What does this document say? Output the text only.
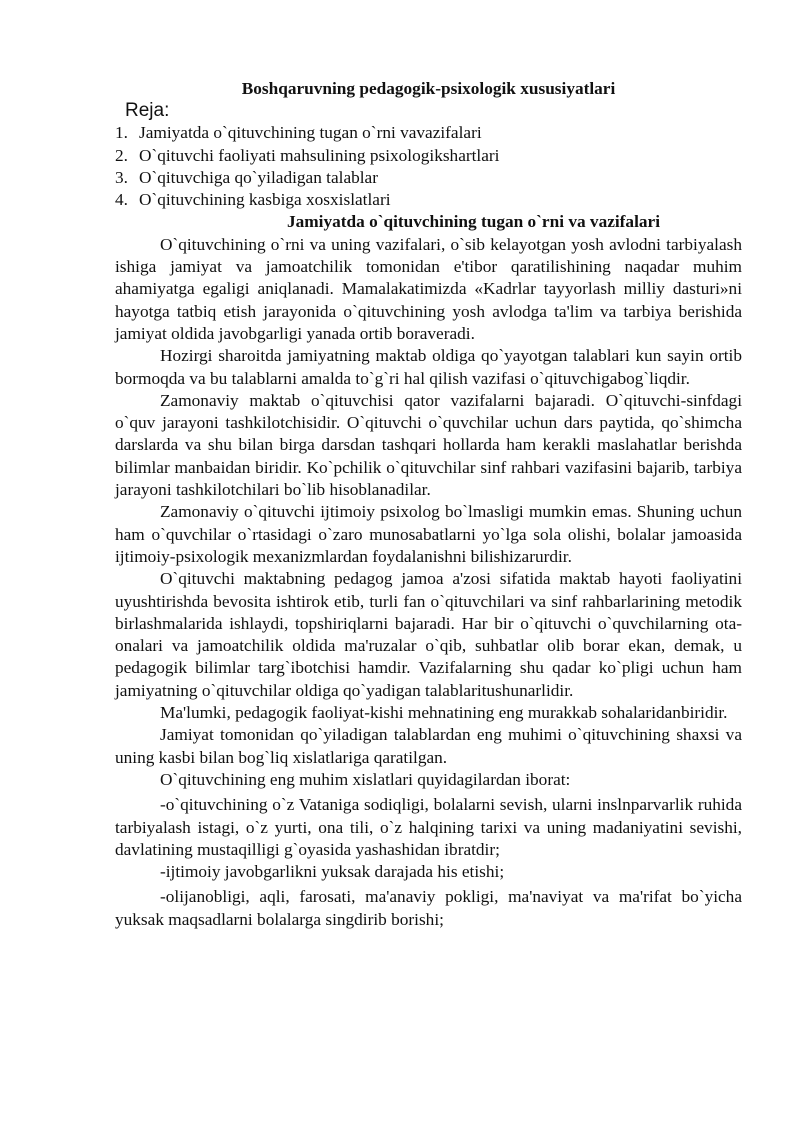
Boshqaruvning pedagogik-psixologik xususiyatlari
Reja:
1. Jamiyatda o`qituvchining tugan o`rni vavazifalari
2. O`qituvchi faoliyati mahsulining psixologikshartlari
3. O`qituvchiga qo`yiladigan talablar
4. O`qituvchining kasbiga xosxislatlari
Jamiyatda o`qituvchining tugan o`rni va vazifalari

O`qituvchining o`rni va uning vazifalari, o`sib kelayotgan yosh avlodni tarbiyalash ishiga jamiyat va jamoatchilik tomonidan e'tibor qaratilishining naqadar muhim ahamiyatga egaligi aniqlanadi. Mamalakatimizda «Kadrlar tayyorlash milliy dasturi»ni hayotga tatbiq etish jarayonida o`qituvchining yosh avlodga ta'lim va tarbiya berishida jamiyat oldida javobgarligi yanada ortib boraveradi.

Hozirgi sharoitda jamiyatning maktab oldiga qo`yayotgan talablari kun sayin ortib bormoqda va bu talablarni amalda to`g`ri hal qilish vazifasi o`qituvchigabog`liqdir.

Zamonaviy maktab o`qituvchisi qator vazifalarni bajaradi. O`qituvchi-sinfdagi o`quv jarayoni tashkilotchisidir. O`qituvchi o`quvchilar uchun dars paytida, qo`shimcha darslarda va shu bilan birga darsdan tashqari hollarda ham kerakli maslahatlar berishda bilimlar manbaidan biridir. Ko`pchilik o`qituvchilar sinf rahbari vazifasini bajarib, tarbiya jarayoni tashkilotchilari bo`lib hisoblanadilar.

Zamonaviy o`qituvchi ijtimoiy psixolog bo`lmasligi mumkin emas. Shuning uchun ham o`quvchilar o`rtasidagi o`zaro munosabatlarni yo`lga sola olishi, bolalar jamoasida ijtimoiy-psixologik mexanizmlardan foydalanishni bilishizarurdir.

O`qituvchi maktabning pedagog jamoa a'zosi sifatida maktab hayoti faoliyatini uyushtirishda bevosita ishtirok etib, turli fan o`qituvchilari va sinf rahbarlarining metodik birlashmalarida ishlaydi, topshiriqlarni bajaradi. Har bir o`qituvchi o`quvchilarning ota-onalari va jamoatchilik oldida ma'ruzalar o`qib, suhbatlar olib borar ekan, demak, u pedagogik bilimlar targ`ibotchisi hamdir. Vazifalarning shu qadar ko`pligi uchun ham jamiyatning o`qituvchilar oldiga qo`yadigan talablaritushunarlidir.

Ma'lumki, pedagogik faoliyat-kishi mehnatining eng murakkab sohalaridanbiridir.

Jamiyat tomonidan qo`yiladigan talablardan eng muhimi o`qituvchining shaxsi va uning kasbi bilan bog`liq xislatlariga qaratilgan.

O`qituvchining eng muhim xislatlari quyidagilardan iborat:

-o`qituvchining o`z Vataniga sodiqligi, bolalarni sevish, ularni inslnparvarlik ruhida tarbiyalash istagi, o`z yurti, ona tili, o`z halqining tarixi va uning madaniyatini sevishi, davlatining mustaqilligi g`oyasida yashashidan ibratdir;

-ijtimoiy javobgarlikni yuksak darajada his etishi;

-olijanobligi, aqli, farosati, ma'anaviy pokligi, ma'naviyat va ma'rifat bo`yicha yuksak maqsadlarni bolalarga singdirib borishi;
